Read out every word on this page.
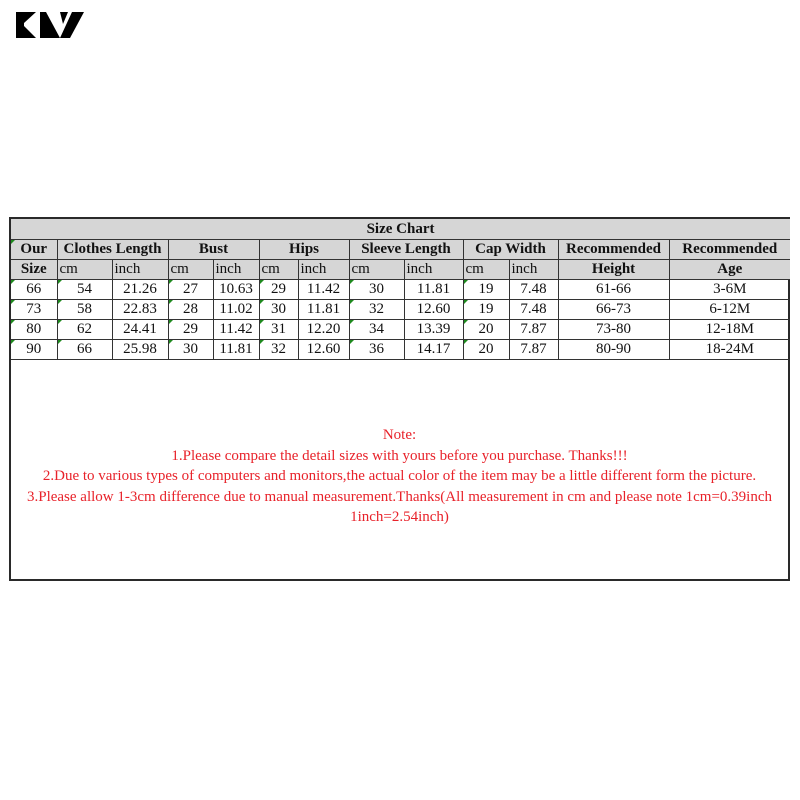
Size Chart												
Our	Clothes Length		Bust		Hips		Sleeve Length		Cap Width		Recommended	Recommended
Size	cm	inch	cm	inch	cm	inch	cm	inch	cm	inch	Height	Age
66	54	21.26	27	10.63	29	11.42	30	11.81	19	7.48	61-66	3-6M
73	58	22.83	28	11.02	30	11.81	32	12.60	19	7.48	66-73	6-12M
80	62	24.41	29	11.42	31	12.20	34	13.39	20	7.87	73-80	12-18M
90	66	25.98	30	11.81	32	12.60	36	14.17	20	7.87	80-90	18-24M
Note:
1.Please compare the detail sizes with yours before you purchase. Thanks!!!
2.Due to various types of computers and monitors,the actual color of the item may be a little different form the picture.
3.Please allow 1-3cm difference due to manual measurement.Thanks(All measurement in cm and please note 1cm=0.39inch
1inch=2.54inch)
